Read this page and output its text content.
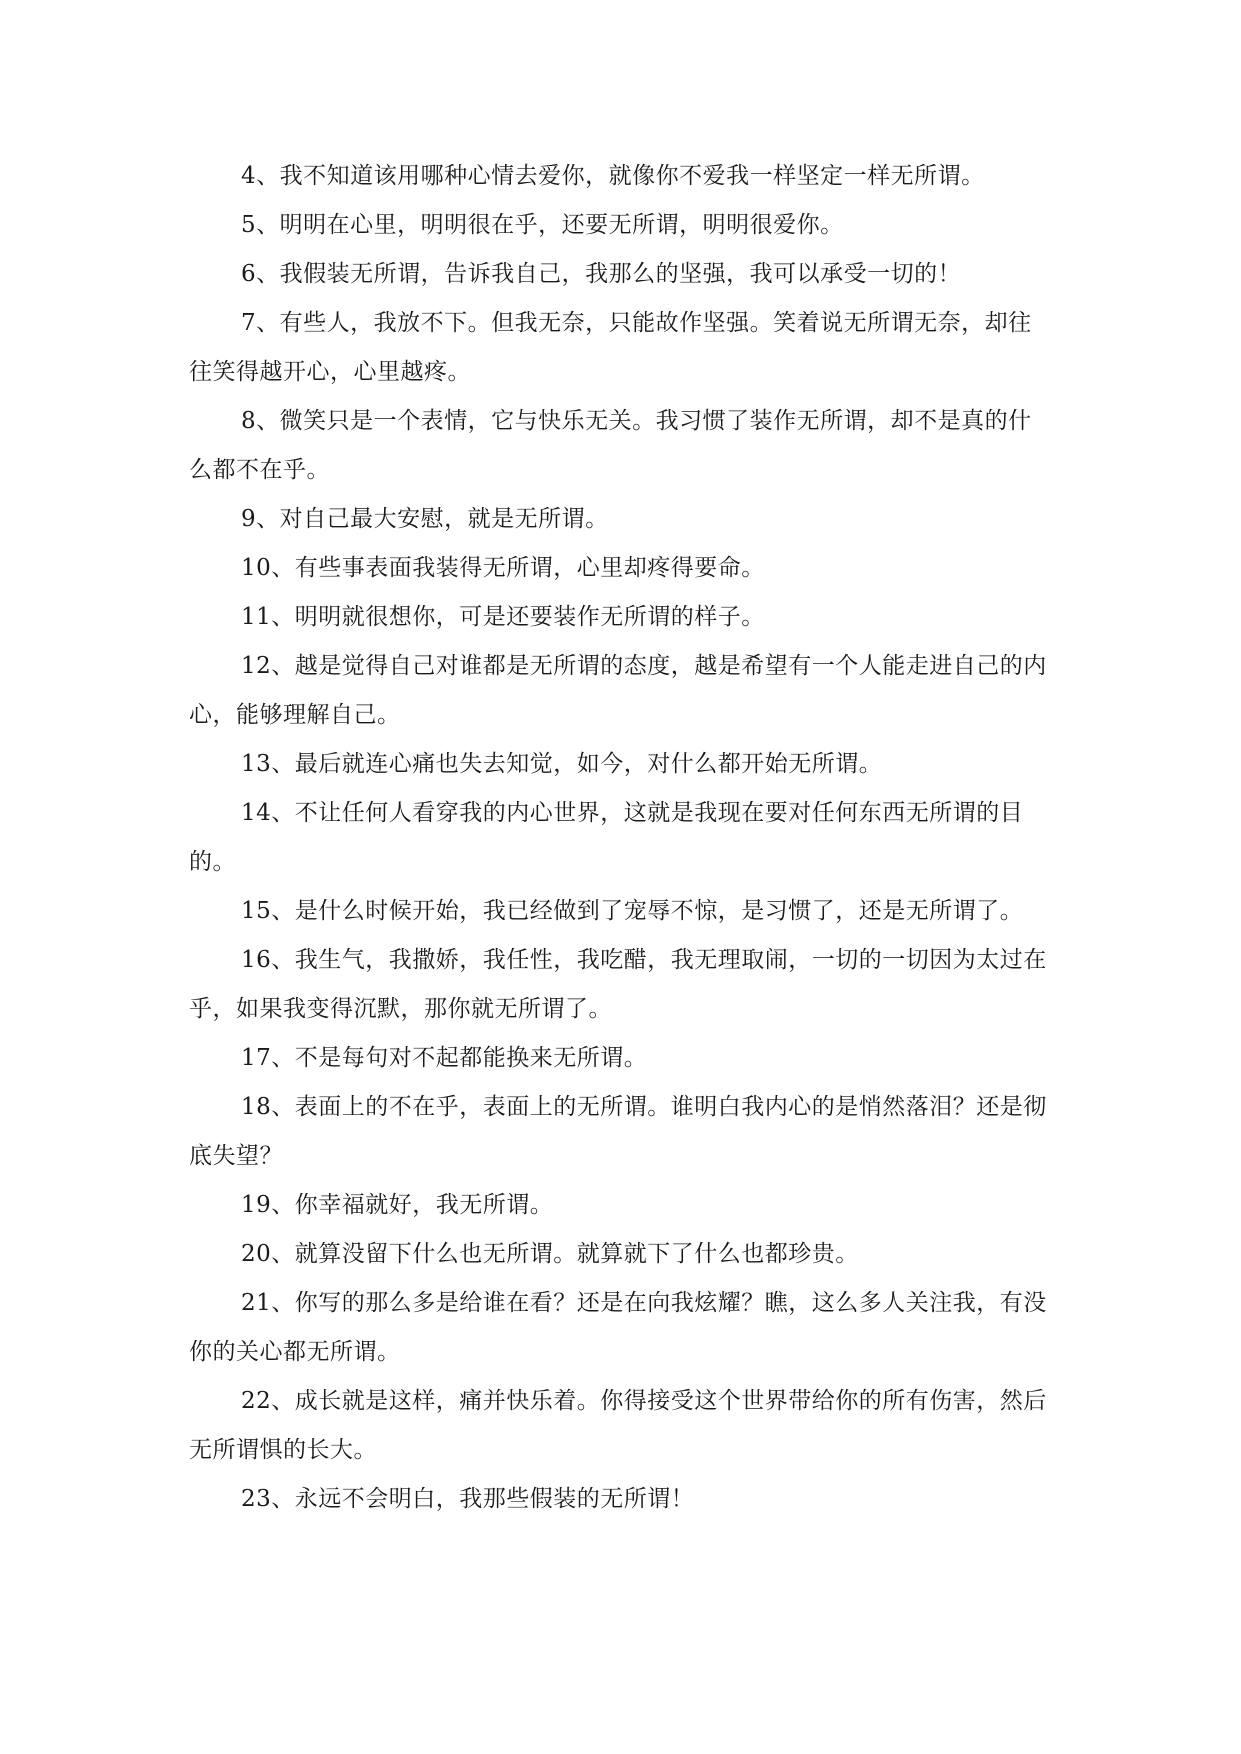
4、我不知道该用哪种心情去爱你，就像你不爱我一样坚定一样无所谓。

5、明明在心里，明明很在乎，还要无所谓，明明很爱你。

6、我假装无所谓，告诉我自己，我那么的坚强，我可以承受一切的！

7、有些人，我放不下。但我无奈，只能故作坚强。笑着说无所谓无奈，却往往笑得越开心，心里越疼。

8、微笑只是一个表情，它与快乐无关。我习惯了装作无所谓，却不是真的什么都不在乎。

9、对自己最大安慰，就是无所谓。

10、有些事表面我装得无所谓，心里却疼得要命。

11、明明就很想你，可是还要装作无所谓的样子。

12、越是觉得自己对谁都是无所谓的态度，越是希望有一个人能走进自己的内心，能够理解自己。

13、最后就连心痛也失去知觉，如今，对什么都开始无所谓。

14、不让任何人看穿我的内心世界，这就是我现在要对任何东西无所谓的目的。

15、是什么时候开始，我已经做到了宠辱不惊，是习惯了，还是无所谓了。

16、我生气，我撒娇，我任性，我吃醋，我无理取闹，一切的一切因为太过在乎，如果我变得沉默，那你就无所谓了。

17、不是每句对不起都能换来无所谓。

18、表面上的不在乎，表面上的无所谓。谁明白我内心的是悄然落泪？还是彻底失望？

19、你幸福就好，我无所谓。

20、就算没留下什么也无所谓。就算就下了什么也都珍贵。

21、你写的那么多是给谁在看？还是在向我炫耀？瞧，这么多人关注我，有没你的关心都无所谓。

22、成长就是这样，痛并快乐着。你得接受这个世界带给你的所有伤害，然后无所谓惧的长大。

23、永远不会明白，我那些假装的无所谓！
